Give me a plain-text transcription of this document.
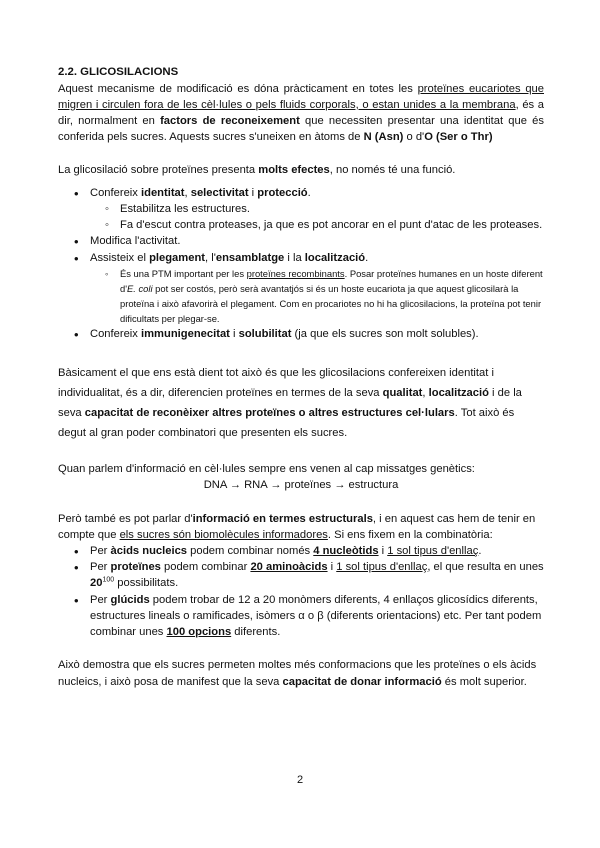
2.2. GLICOSILACIONS

Aquest mecanisme de modificació es dóna pràcticament en totes les proteïnes eucariotes que migren i circulen fora de les cèl·lules o pels fluids corporals, o estan unides a la membrana, és a dir, normalment en factors de reconeixement que necessiten presentar una identitat que és conferida pels sucres. Aquests sucres s'uneixen en àtoms de N (Asn) o d'O (Ser o Thr)

La glicosilació sobre proteïnes presenta molts efectes, no només té una funció.

• Confereix identitat, selectivitat i protecció.
◦ Estabilitza les estructures.
◦ Fa d'escut contra proteases, ja que es pot ancorar en el punt d'atac de les proteases.
• Modifica l'activitat.
• Assisteix el plegament, l'ensamblatge i la localització.
◦ És una PTM important per les proteïnes recombinants. Posar proteïnes humanes en un hoste diferent d'E. coli pot ser costós, però serà avantatjós si és un hoste eucariota ja que aquest glicosilarà la proteïna i això afavorirà el plegament. Com en procariotes no hi ha glicosilacions, la proteïna pot tenir dificultats per plegar-se.
• Confereix immunigenecitat i solubilitat (ja que els sucres son molt solubles).

Bàsicament el que ens està dient tot això és que les glicosilacions confereixen identitat i individualitat, és a dir, diferencien proteïnes en termes de la seva qualitat, localització i de la seva capacitat de reconèixer altres proteïnes o altres estructures cel·lulars. Tot això és degut al gran poder combinatori que presenten els sucres.

Quan parlem d'informació en cèl·lules sempre ens venen al cap missatges genètics:

DNA → RNA → proteïnes → estructura

Però també es pot parlar d'informació en termes estructurals, i en aquest cas hem de tenir en compte que els sucres són biomolècules informadores. Si ens fixem en la combinatòria:

• Per àcids nucleics podem combinar només 4 nucleòtids i 1 sol tipus d'enllaç.
• Per proteïnes podem combinar 20 aminoàcids i 1 sol tipus d'enllaç, el que resulta en unes $20^{100}$ possibilitats.
• Per glúcids podem trobar de 12 a 20 monòmers diferents, 4 enllaços glicosídics diferents, estructures lineals o ramificades, isòmers α o β (diferents orientacions) etc. Per tant podem combinar unes 100 opcions diferents.

Això demostra que els sucres permeten moltes més conformacions que les proteïnes o els àcids nucleics, i això posa de manifest que la seva capacitat de donar informació és molt superior.

2
